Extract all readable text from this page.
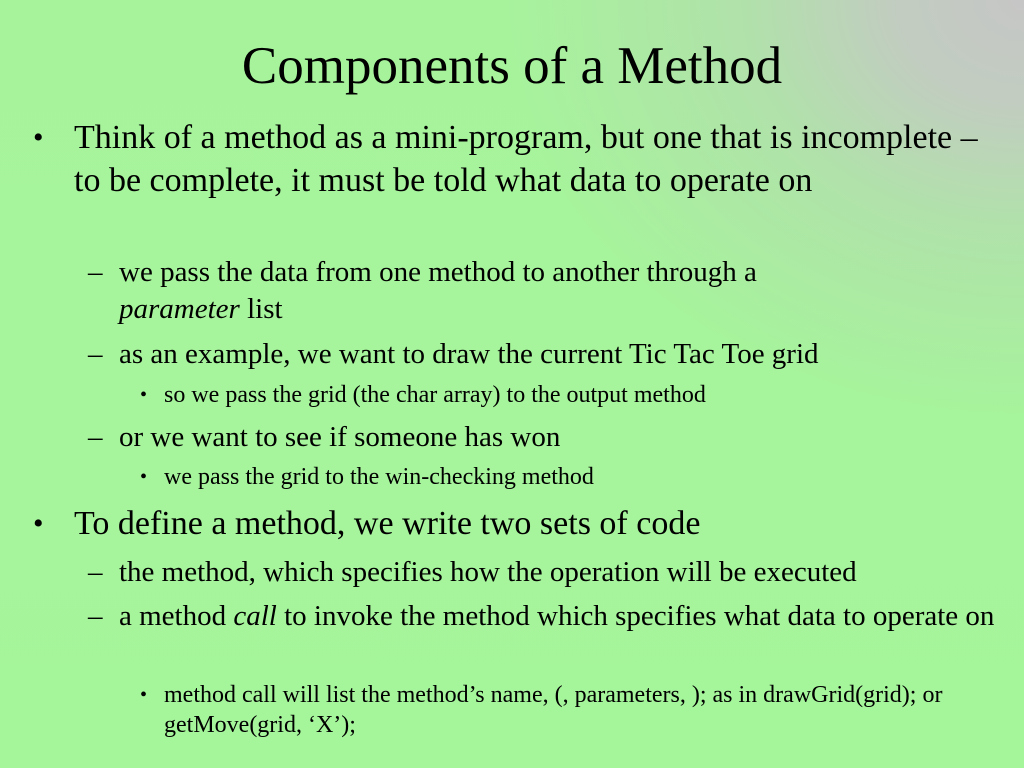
Components of a Method
• Think of a method as a mini-program, but one that is incomplete – to be complete, it must be told what data to operate on
– we pass the data from one method to another through a
parameter list
– as an example, we want to draw the current Tic Tac Toe grid
• so we pass the grid (the char array) to the output method
– or we want to see if someone has won
• we pass the grid to the win-checking method
• To define a method, we write two sets of code
– the method, which specifies how the operation will be executed
– a method call to invoke the method which specifies what data to operate on
• method call will list the method’s name, (, parameters, ); as in drawGrid(grid); or getMove(grid, ‘X’);
